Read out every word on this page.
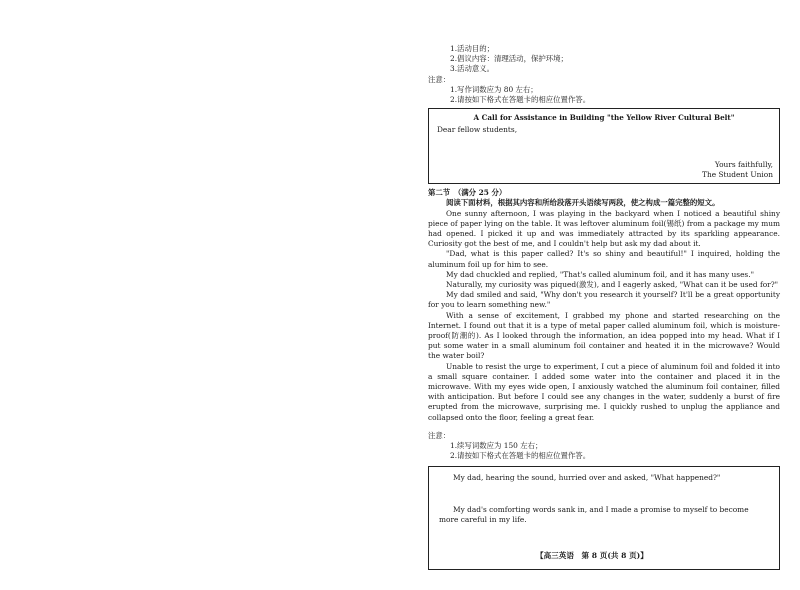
1.活动目的；
2.倡议内容：清理活动，保护环境；
3.活动意义。
注意：
1.写作词数应为 80 左右；
2.请按如下格式在答题卡的相应位置作答。
A Call for Assistance in Building "the Yellow River Cultural Belt"
Dear fellow students,
Yours faithfully,
The Student Union
第二节　（满分 25 分）
阅读下面材料，根据其内容和所给段落开头语续写两段，使之构成一篇完整的短文。
One sunny afternoon, I was playing in the backyard when I noticed a beautiful shiny piece of paper lying on the table. It was leftover aluminum foil(锡纸) from a package my mum had opened. I picked it up and was immediately attracted by its sparkling appearance. Curiosity got the best of me, and I couldn't help but ask my dad about it.
"Dad, what is this paper called? It's so shiny and beautiful!" I inquired, holding the aluminum foil up for him to see.
My dad chuckled and replied, "That's called aluminum foil, and it has many uses."
Naturally, my curiosity was piqued(激发), and I eagerly asked, "What can it be used for?"
My dad smiled and said, "Why don't you research it yourself? It'll be a great opportunity for you to learn something new."
With a sense of excitement, I grabbed my phone and started researching on the Internet. I found out that it is a type of metal paper called aluminum foil, which is moisture-proof(防潮的). As I looked through the information, an idea popped into my head. What if I put some water in a small aluminum foil container and heated it in the microwave? Would the water boil?
Unable to resist the urge to experiment, I cut a piece of aluminum foil and folded it into a small square container. I added some water into the container and placed it in the microwave. With my eyes wide open, I anxiously watched the aluminum foil container, filled with anticipation. But before I could see any changes in the water, suddenly a burst of fire erupted from the microwave, surprising me. I quickly rushed to unplug the appliance and collapsed onto the floor, feeling a great fear.
注意：
1.续写词数应为 150 左右；
2.请按如下格式在答题卡的相应位置作答。
My dad, hearing the sound, hurried over and asked, "What happened?"
My dad's comforting words sank in, and I made a promise to myself to become more careful in my life.
【高三英语　第 8 页(共 8 页)】
